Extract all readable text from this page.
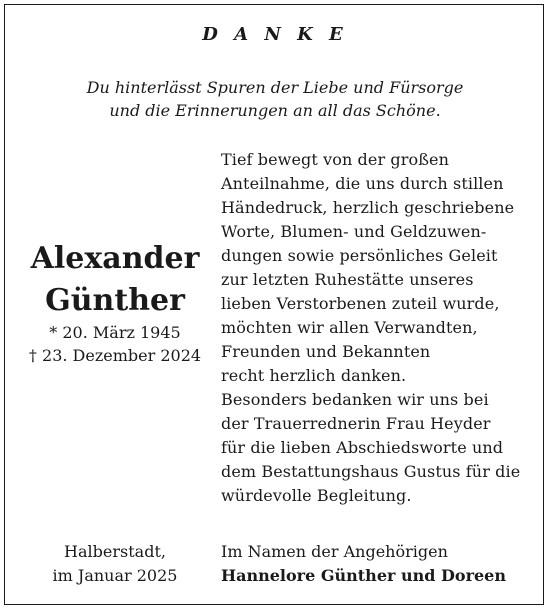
D A N K E
Du hinterlässt Spuren der Liebe und Fürsorge
und die Erinnerungen an all das Schöne.
Alexander
Günther
* 20. März 1945
† 23. Dezember 2024
Tief bewegt von der großen
Anteilnahme, die uns durch stillen
Händedruck, herzlich geschriebene
Worte, Blumen- und Geldzuwen-
dungen sowie persönliches Geleit
zur letzten Ruhestätte unseres
lieben Verstorbenen zuteil wurde,
möchten wir allen Verwandten,
Freunden und Bekannten
recht herzlich danken.
Besonders bedanken wir uns bei
der Trauerrednerin Frau Heyder
für die lieben Abschiedsworte und
dem Bestattungshaus Gustus für die
würdevolle Begleitung.
Halberstadt,
im Januar 2025
Im Namen der Angehörigen
Hannelore Günther und Doreen
